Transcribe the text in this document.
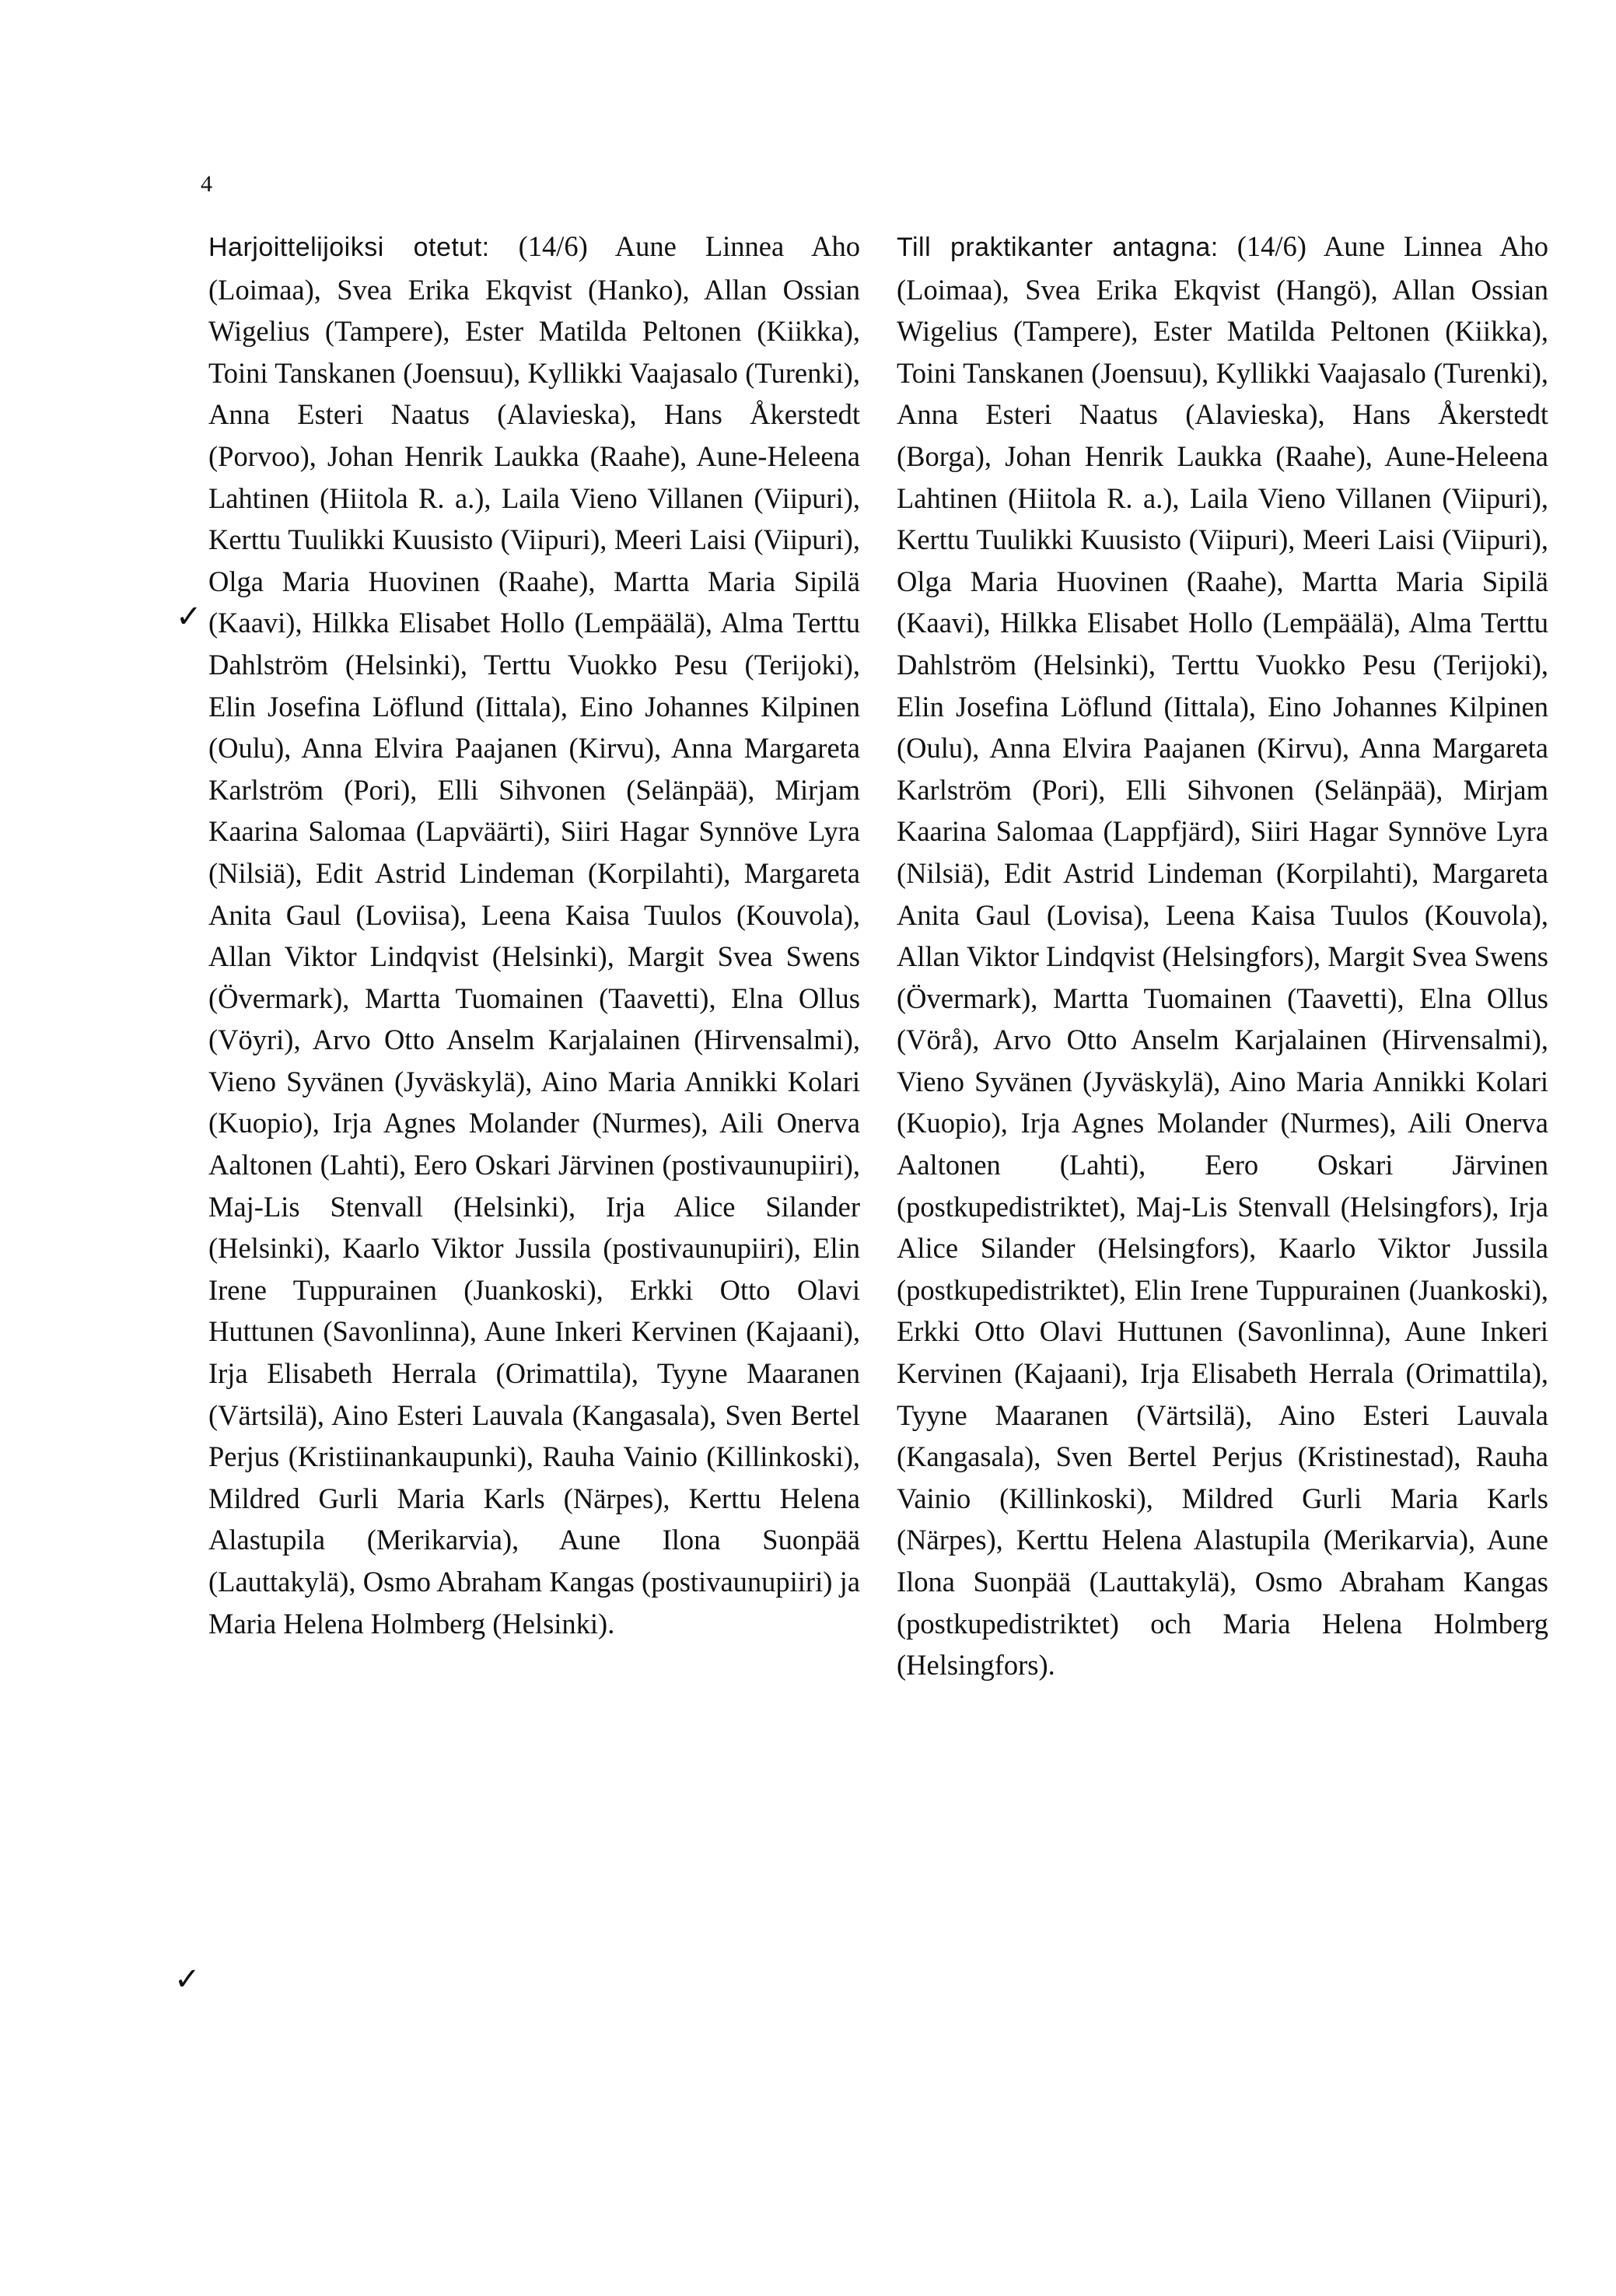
4
Harjoittelijoiksi otetut: (14/6) Aune Linnea Aho (Loimaa), Svea Erika Ekqvist (Hanko), Allan Ossian Wigelius (Tampere), Ester Matilda Peltonen (Kiikka), Toini Tanskanen (Joensuu), Kyllikki Vaajasalo (Turenki), Anna Esteri Naatus (Alavieska), Hans Åkerstedt (Porvoo), Johan Henrik Laukka (Raahe), Aune-Heleena Lahtinen (Hiitola R. a.), Laila Vieno Villanen (Viipuri), Kerttu Tuulikki Kuusisto (Viipuri), Meeri Laisi (Viipuri), Olga Maria Huovinen (Raahe), Martta Maria Sipilä (Kaavi), Hilkka Elisabet Hollo (Lempäälä), Alma Terttu Dahlström (Helsinki), Terttu Vuokko Pesu (Terijoki), Elin Josefina Löflund (Iittala), Eino Johannes Kilpinen (Oulu), Anna Elvira Paajanen (Kirvu), Anna Margareta Karlström (Pori), Elli Sihvonen (Selänpää), Mirjam Kaarina Salomaa (Lapväärti), Siiri Hagar Synnöve Lyra (Nilsiä), Edit Astrid Lindeman (Korpilahti), Margareta Anita Gaul (Loviisa), Leena Kaisa Tuulos (Kouvola), Allan Viktor Lindqvist (Helsinki), Margit Svea Swens (Övermark), Martta Tuomainen (Taavetti), Elna Ollus (Vöyri), Arvo Otto Anselm Karjalainen (Hirvensalmi), Vieno Syvänen (Jyväskylä), Aino Maria Annikki Kolari (Kuopio), Irja Agnes Molander (Nurmes), Aili Onerva Aaltonen (Lahti), Eero Oskari Järvinen (postivaunupiiri), Maj-Lis Stenvall (Helsinki), Irja Alice Silander (Helsinki), Kaarlo Viktor Jussila (postivaunupiiri), Elin Irene Tuppurainen (Juankoski), Erkki Otto Olavi Huttunen (Savonlinna), Aune Inkeri Kervinen (Kajaani), Irja Elisabeth Herrala (Orimattila), Tyyne Maaranen (Värtsilä), Aino Esteri Lauvala (Kangasala), Sven Bertel Perjus (Kristiinankaupunki), Rauha Vainio (Killinkoski), Mildred Gurli Maria Karls (Närpes), Kerttu Helena Alastupila (Merikarvia), Aune Ilona Suonpää (Lauttakylä), Osmo Abraham Kangas (postivaunupiiri) ja Maria Helena Holmberg (Helsinki).
Till praktikanter antagna: (14/6) Aune Linnea Aho (Loimaa), Svea Erika Ekqvist (Hangö), Allan Ossian Wigelius (Tampere), Ester Matilda Peltonen (Kiikka), Toini Tanskanen (Joensuu), Kyllikki Vaajasalo (Turenki), Anna Esteri Naatus (Alavieska), Hans Åkerstedt (Borga), Johan Henrik Laukka (Raahe), Aune-Heleena Lahtinen (Hiitola R. a.), Laila Vieno Villanen (Viipuri), Kerttu Tuulikki Kuusisto (Viipuri), Meeri Laisi (Viipuri), Olga Maria Huovinen (Raahe), Martta Maria Sipilä (Kaavi), Hilkka Elisabet Hollo (Lempäälä), Alma Terttu Dahlström (Helsinki), Terttu Vuokko Pesu (Terijoki), Elin Josefina Löflund (Iittala), Eino Johannes Kilpinen (Oulu), Anna Elvira Paajanen (Kirvu), Anna Margareta Karlström (Pori), Elli Sihvonen (Selänpää), Mirjam Kaarina Salomaa (Lappfjärd), Siiri Hagar Synnöve Lyra (Nilsiä), Edit Astrid Lindeman (Korpilahti), Margareta Anita Gaul (Lovisa), Leena Kaisa Tuulos (Kouvola), Allan Viktor Lindqvist (Helsingfors), Margit Svea Swens (Övermark), Martta Tuomainen (Taavetti), Elna Ollus (Vörå), Arvo Otto Anselm Karjalainen (Hirvensalmi), Vieno Syvänen (Jyväskylä), Aino Maria Annikki Kolari (Kuopio), Irja Agnes Molander (Nurmes), Aili Onerva Aaltonen (Lahti), Eero Oskari Järvinen (postkupedistriktet), Maj-Lis Stenvall (Helsingfors), Irja Alice Silander (Helsingfors), Kaarlo Viktor Jussila (postkupedistriktet), Elin Irene Tuppurainen (Juankoski), Erkki Otto Olavi Huttunen (Savonlinna), Aune Inkeri Kervinen (Kajaani), Irja Elisabeth Herrala (Orimattila), Tyyne Maaranen (Värtsilä), Aino Esteri Lauvala (Kangasala), Sven Bertel Perjus (Kristinestad), Rauha Vainio (Killinkoski), Mildred Gurli Maria Karls (Närpes), Kerttu Helena Alastupila (Merikarvia), Aune Ilona Suonpää (Lauttakylä), Osmo Abraham Kangas (postkupedistriktet) och Maria Helena Holmberg (Helsingfors).
✓
✓
